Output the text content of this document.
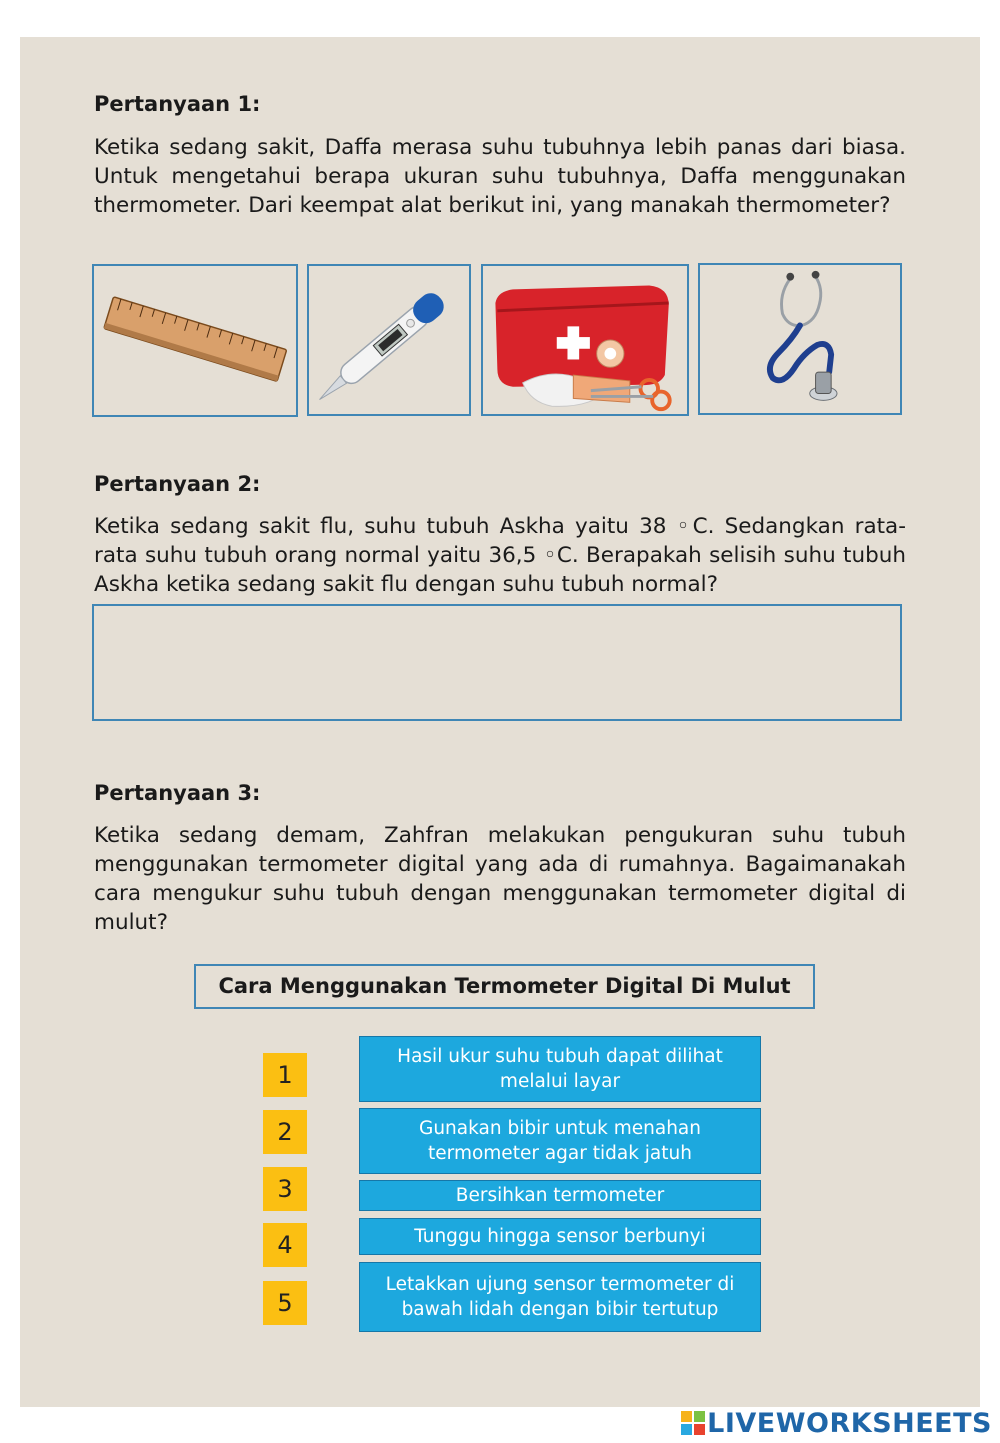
Pertanyaan 1:
Ketika sedang sakit, Daffa merasa suhu tubuhnya lebih panas dari biasa. Untuk mengetahui berapa ukuran suhu tubuhnya, Daffa menggunakan thermometer. Dari keempat alat berikut ini, yang manakah thermometer?
Pertanyaan 2:
Ketika sedang sakit flu, suhu tubuh Askha yaitu 38 ◦C. Sedangkan rata-rata suhu tubuh orang normal yaitu 36,5 ◦C. Berapakah selisih suhu tubuh Askha ketika sedang sakit flu dengan suhu tubuh normal?
Pertanyaan 3:
Ketika sedang demam, Zahfran melakukan pengukuran suhu tubuh menggunakan termometer digital yang ada di rumahnya. Bagaimanakah cara mengukur suhu tubuh dengan menggunakan termometer digital di mulut?
Cara Menggunakan Termometer Digital Di Mulut
1
2
3
4
5
Hasil ukur suhu tubuh dapat dilihat melalui layar
Gunakan bibir untuk menahan termometer agar tidak jatuh
Bersihkan termometer
Tunggu hingga sensor berbunyi
Letakkan ujung sensor termometer di bawah lidah dengan bibir tertutup
LIVEWORKSHEETS
